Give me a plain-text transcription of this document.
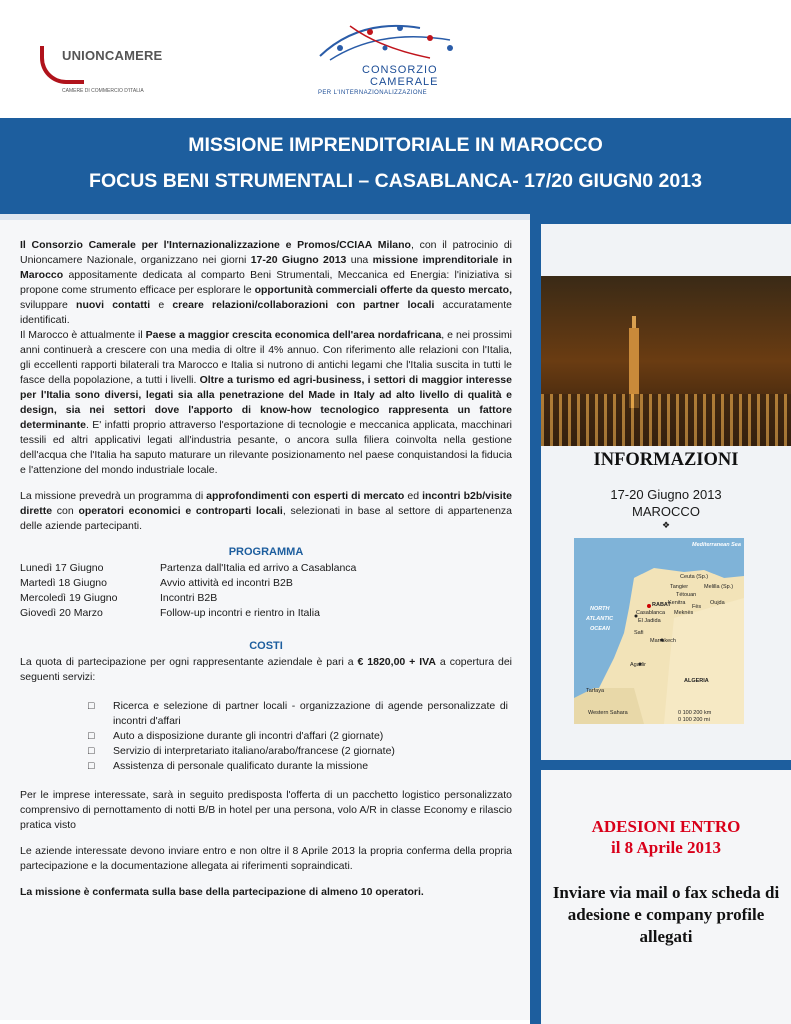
UNIONCAMERE
CAMERE DI COMMERCIO D'ITALIA
CONSORZIO
CAMERALE
PER L'INTERNAZIONALIZZAZIONE
MISSIONE IMPRENDITORIALE IN MAROCCO
FOCUS BENI STRUMENTALI – CASABLANCA- 17/20 GIUGN0 2013

Il Consorzio Camerale per l'Internazionalizzazione e Promos/CCIAA Milano, con il patrocinio di Unioncamere Nazionale, organizzano nei giorni 17-20 Giugno 2013 una missione imprenditoriale in Marocco appositamente dedicata al comparto Beni Strumentali, Meccanica ed Energia: l'iniziativa si propone come strumento efficace per esplorare le opportunità commerciali offerte da questo mercato, sviluppare nuovi contatti e creare relazioni/collaborazioni con partner locali accuratamente identificati.

Il Marocco è attualmente il Paese a maggior crescita economica dell'area nordafricana, e nei prossimi anni continuerà a crescere con una media di oltre il 4% annuo. Con riferimento alle relazioni con l'Italia, gli eccellenti rapporti bilaterali tra Marocco e Italia si nutrono di antichi legami che l'Italia suscita in tutti le fasce della popolazione, a tutti i livelli. Oltre a turismo ed agri-business, i settori di maggior interesse per l'Italia sono diversi, legati sia alla penetrazione del Made in Italy ad alto livello di qualità e design, sia nei settori dove l'apporto di know-how tecnologico rappresenta un fattore determinante. E' infatti proprio attraverso l'esportazione di tecnologie e meccanica applicata, macchinari tessili ed altri applicativi legati all'industria pesante, o ancora sulla filiera coinvolta nella gestione dell'acqua che l'Italia ha saputo maturare un rilevante posizionamento nel paese conquistandosi la fiducia e l'attenzione del mondo industriale locale.

La missione prevedrà un programma di approfondimenti con esperti di mercato ed incontri b2b/visite dirette con operatori economici e controparti locali, selezionati in base al settore di appartenenza delle aziende partecipanti.

PROGRAMMA
Lunedì 17 Giugno	Partenza dall'Italia ed arrivo a Casablanca
Martedì 18 Giugno	Avvio attività ed incontri B2B
Mercoledì 19 Giugno	Incontri B2B
Giovedì 20 Marzo	Follow-up incontri e rientro in Italia
COSTI

La quota di partecipazione per ogni rappresentante aziendale è pari a € 1820,00 + IVA a copertura dei seguenti servizi:

□	Ricerca e selezione di partner locali - organizzazione di agende personalizzate di incontri d'affari
□	Auto a disposizione durante gli incontri d'affari (2 giornate)
□	Servizio di interpretariato italiano/arabo/francese (2 giornate)
□	Assistenza di personale qualificato durante la missione

Per le imprese interessate, sarà in seguito predisposta l'offerta di un pacchetto logistico personalizzato comprensivo di pernottamento di notti B/B in hotel per una persona, volo A/R in classe Economy e rilascio pratica visto

Le aziende interessate devono inviare entro e non oltre il 8 Aprile 2013 la propria conferma della propria partecipazione e la documentazione allegata ai riferimenti sopraindicati.

La missione è confermata sulla base della partecipazione di almeno 10 operatori.

INFORMAZIONI
17-20 Giugno 2013
MAROCCO
❖
Mediterranean Sea
Ceuta (Sp.)
Tangier	Melilla (Sp.)
Tétouan
Kenitra
RABAT	Fès
Oujda
Casablanca Meknès
El Jadida
Safi
Marrakech
NORTH
ATLANTIC
OCEAN
Agadir
ALGERIA
Tarfaya
Western Sahara	0 100 200 km
0 100 200 mi
ADESIONI ENTRO
il 8 Aprile 2013
Inviare via mail o fax scheda di adesione e company profile allegati
